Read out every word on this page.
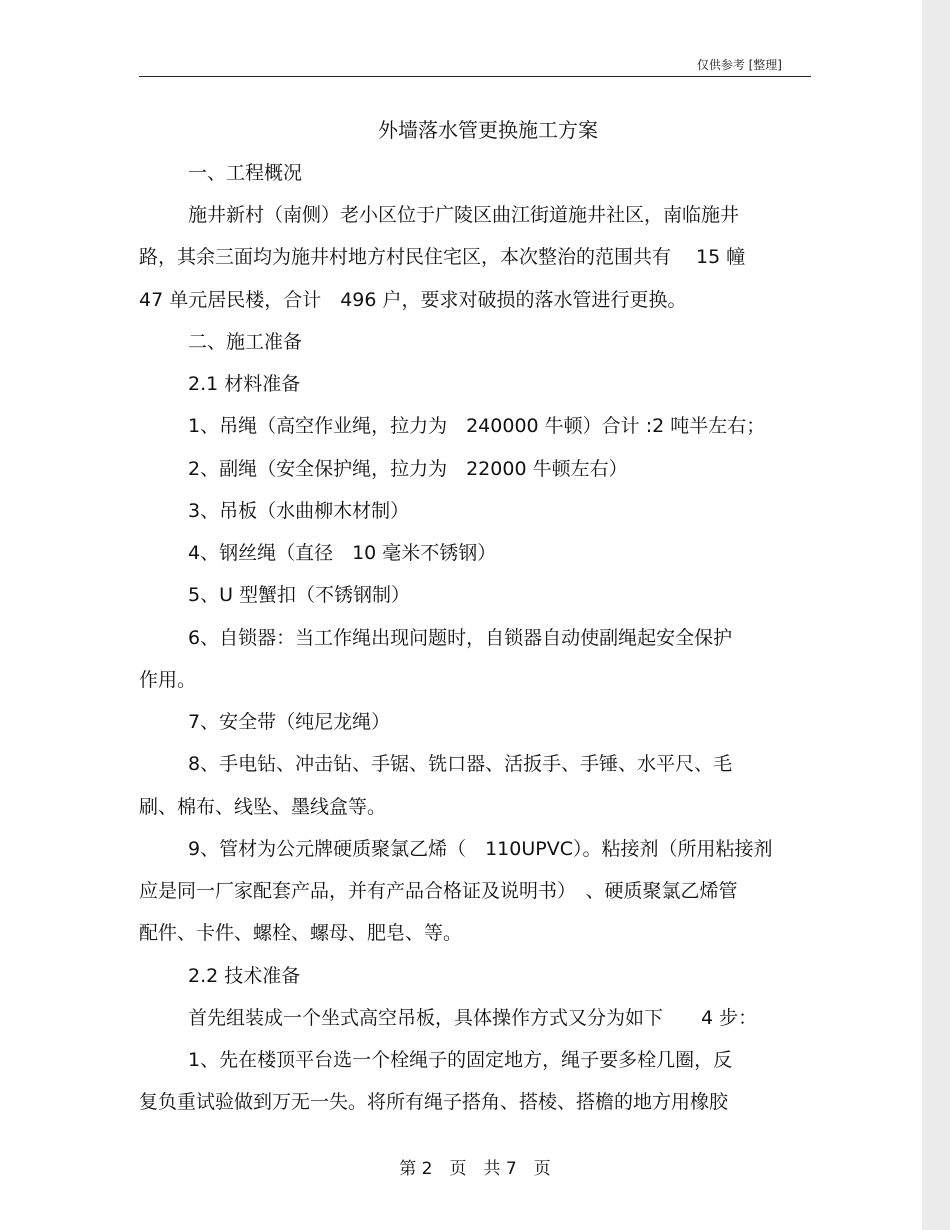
仅供参考 [整理]
外墙落水管更换施工方案
一、工程概况
施井新村（南侧）老小区位于广陵区曲江街道施井社区，南临施井
路，其余三面均为施井村地方村民住宅区，本次整治的范围共有　 15 幢
47 单元居民楼，合计　496 户，要求对破损的落水管进行更换。
二、施工准备
2.1 材料准备
1、吊绳（高空作业绳，拉力为　240000 牛顿）合计 :2 吨半左右；
2、副绳（安全保护绳，拉力为　22000 牛顿左右）
3、吊板（水曲柳木材制）
4、钢丝绳（直径　10 毫米不锈钢）
5、U 型蟹扣（不锈钢制）
6、自锁器：当工作绳出现问题时，自锁器自动使副绳起安全保护
作用。
7、安全带（纯尼龙绳）
8、手电钻、冲击钻、手锯、铣口器、活扳手、手锤、水平尺、毛
刷、棉布、线坠、墨线盒等。
9、管材为公元牌硬质聚氯乙烯（　110UPVC）。粘接剂（所用粘接剂
应是同一厂家配套产品，并有产品合格证及说明书）　、硬质聚氯乙烯管
配件、卡件、螺栓、螺母、肥皂、等。
2.2 技术准备
首先组装成一个坐式高空吊板，具体操作方式又分为如下　　4 步：
1、先在楼顶平台选一个栓绳子的固定地方，绳子要多栓几圈，反
复负重试验做到万无一失。将所有绳子搭角、搭棱、搭檐的地方用橡胶
第 2　页　共 7　页
